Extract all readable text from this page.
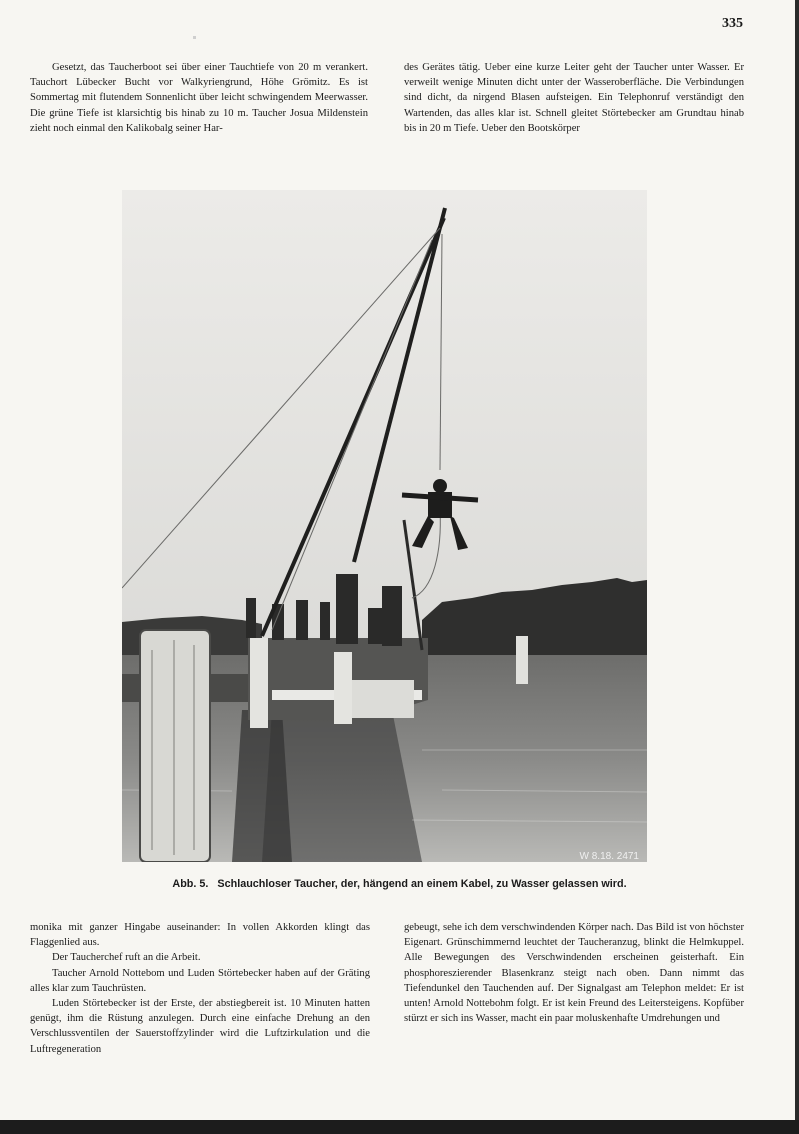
335

Gesetzt, das Taucherboot sei über einer Tauchtiefe von 20 m verankert. Tauchort Lübecker Bucht vor Walkyriengrund, Höhe Grömitz. Es ist Sommertag mit flutendem Sonnenlicht über leicht schwingendem Meerwasser. Die grüne Tiefe ist klarsichtig bis hinab zu 10 m. Taucher Josua Mildenstein zieht noch einmal den Kalikobalg seiner Har-

des Gerätes tätig. Ueber eine kurze Leiter geht der Taucher unter Wasser. Er verweilt wenige Minuten dicht unter der Wasseroberfläche. Die Verbindungen sind dicht, da nirgend Blasen aufsteigen. Ein Telephonruf verständigt den Wartenden, das alles klar ist. Schnell gleitet Störtebecker am Grundtau hinab bis in 20 m Tiefe. Ueber den Bootskörper

W 8.18. 2471
Abb. 5. Schlauchloser Taucher, der, hängend an einem Kabel, zu Wasser gelassen wird.

monika mit ganzer Hingabe auseinander: In vollen Akkorden klingt das Flaggenlied aus.

Der Taucherchef ruft an die Arbeit.

Taucher Arnold Nottebom und Luden Störtebecker haben auf der Gräting alles klar zum Tauchrüsten.

Luden Störtebecker ist der Erste, der abstiegbereit ist. 10 Minuten hatten genügt, ihm die Rüstung anzulegen. Durch eine einfache Drehung an den Verschlussventilen der Sauerstoffzylinder wird die Luftzirkulation und die Luftregeneration

gebeugt, sehe ich dem verschwindenden Körper nach. Das Bild ist von höchster Eigenart. Grünschimmernd leuchtet der Taucheranzug, blinkt die Helmkuppel. Alle Bewegungen des Verschwindenden erscheinen geisterhaft. Ein phosphoreszierender Blasenkranz steigt nach oben. Dann nimmt das Tiefendunkel den Tauchenden auf. Der Signalgast am Telephon meldet: Er ist unten! Arnold Nottebohm folgt. Er ist kein Freund des Leitersteigens. Kopfüber stürzt er sich ins Wasser, macht ein paar moluskenhafte Umdrehungen und
